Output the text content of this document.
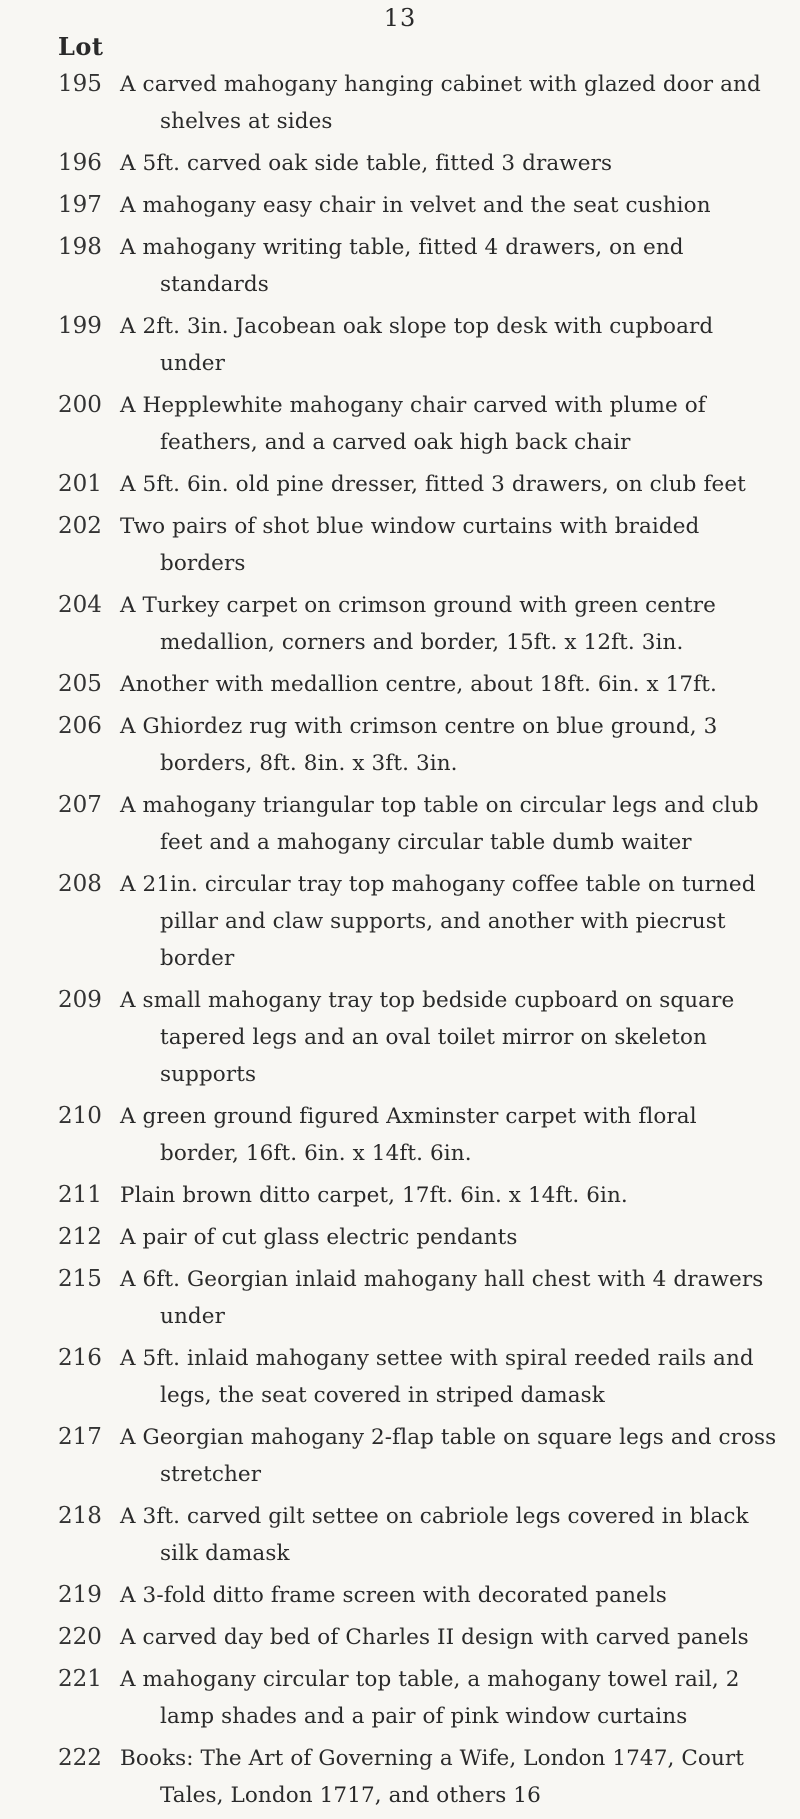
13
Lot
195 A carved mahogany hanging cabinet with glazed door and shelves at sides
196 A 5ft. carved oak side table, fitted 3 drawers
197 A mahogany easy chair in velvet and the seat cushion
198 A mahogany writing table, fitted 4 drawers, on end standards
199 A 2ft. 3in. Jacobean oak slope top desk with cupboard under
200 A Hepplewhite mahogany chair carved with plume of feathers, and a carved oak high back chair
201 A 5ft. 6in. old pine dresser, fitted 3 drawers, on club feet
202 Two pairs of shot blue window curtains with braided borders
204 A Turkey carpet on crimson ground with green centre medallion, corners and border, 15ft. x 12ft. 3in.
205 Another with medallion centre, about 18ft. 6in. x 17ft.
206 A Ghiordez rug with crimson centre on blue ground, 3 borders, 8ft. 8in. x 3ft. 3in.
207 A mahogany triangular top table on circular legs and club feet and a mahogany circular table dumb waiter
208 A 21in. circular tray top mahogany coffee table on turned pillar and claw supports, and another with piecrust border
209 A small mahogany tray top bedside cupboard on square tapered legs and an oval toilet mirror on skeleton supports
210 A green ground figured Axminster carpet with floral border, 16ft. 6in. x 14ft. 6in.
211 Plain brown ditto carpet, 17ft. 6in. x 14ft. 6in.
212 A pair of cut glass electric pendants
215 A 6ft. Georgian inlaid mahogany hall chest with 4 drawers under
216 A 5ft. inlaid mahogany settee with spiral reeded rails and legs, the seat covered in striped damask
217 A Georgian mahogany 2-flap table on square legs and cross stretcher
218 A 3ft. carved gilt settee on cabriole legs covered in black silk damask
219 A 3-fold ditto frame screen with decorated panels
220 A carved day bed of Charles II design with carved panels
221 A mahogany circular top table, a mahogany towel rail, 2 lamp shades and a pair of pink window curtains
222 Books: The Art of Governing a Wife, London 1747, Court Tales, London 1717, and others 16
